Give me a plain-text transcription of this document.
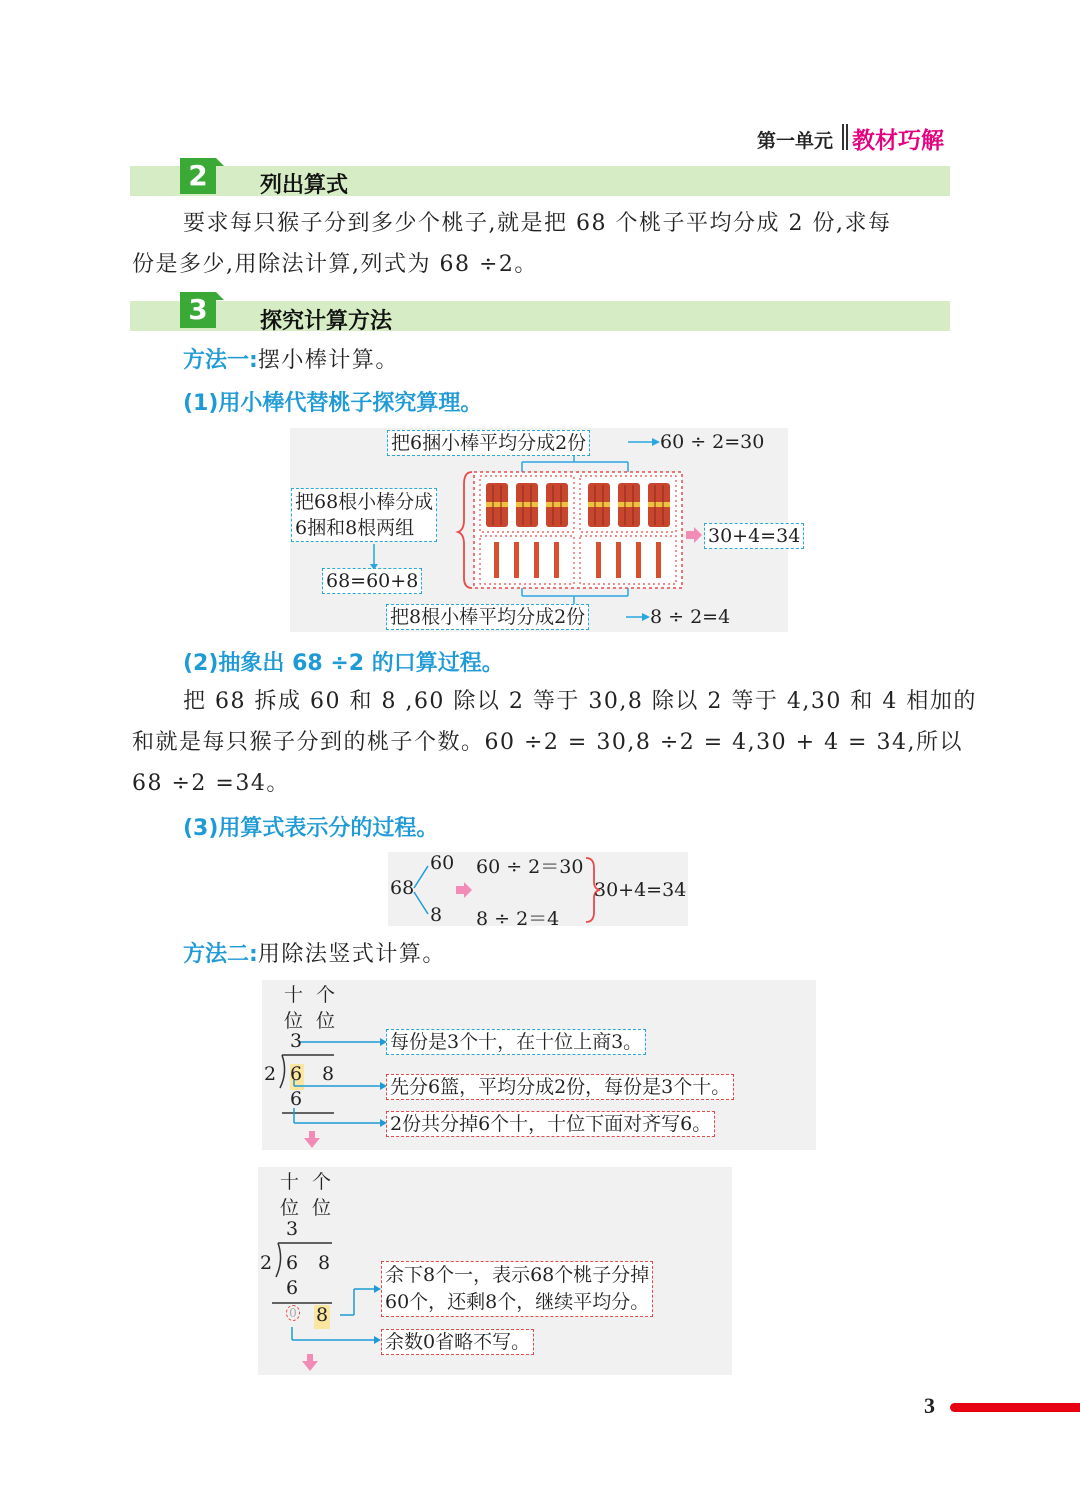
第一单元 教材巧解
2	列出算式
要求每只猴子分到多少个桃子,就是把 68 个桃子平均分成 2 份,求每
份是多少,用除法计算,列式为 68 ÷2。
3	探究计算方法
方法一:摆小棒计算。
(1)用小棒代替桃子探究算理。
把6捆小棒平均分成2份	60 ÷ 2=30
把68根小棒分成
6捆和8根两组
68=60+8
30+4=34
把8根小棒平均分成2份	8 ÷ 2=4
(2)抽象出 68 ÷2 的口算过程。
把 68 拆成 60 和 8 ,60 除以 2 等于 30,8 除以 2 等于 4,30 和 4 相加的
和就是每只猴子分到的桃子个数。60 ÷2 = 30,8 ÷2 = 4,30 + 4 = 34,所以
68 ÷2 =34。
(3)用算式表示分的过程。
68
60
8
60 ÷ 2＝30
8 ÷ 2＝4
30+4=34
方法二:用除法竖式计算。
十 个
位 位
3
2 6 8
6
每份是3个十，在十位上商3。
先分6篮，平均分成2份，每份是3个十。
2份共分掉6个十，十位下面对齐写6。
十 个
位 位
3
2 6 8
6
0 8
余下8个一，表示68个桃子分掉
60个，还剩8个，继续平均分。
余数0省略不写。
3
